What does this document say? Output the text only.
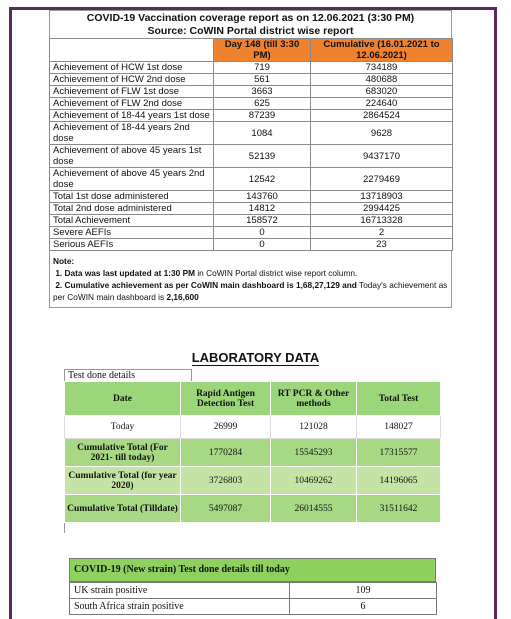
COVID-19 Vaccination coverage report as on 12.06.2021 (3:30 PM)
Source: CoWIN Portal district wise report
	Day 148 (till 3:30 PM)	Cumulative (16.01.2021 to 12.06.2021)
Achievement of HCW 1st dose	719	734189
Achievement of HCW 2nd dose	561	480688
Achievement of FLW 1st dose	3663	683020
Achievement of FLW 2nd dose	625	224640
Achievement of 18-44 years 1st dose	87239	2864524
Achievement of 18-44 years 2nd dose	1084	9628
Achievement of above 45 years 1st dose	52139	9437170
Achievement of above 45 years 2nd dose	12542	2279469
Total 1st dose administered	143760	13718903
Total 2nd dose administered	14812	2994425
Total Achievement	158572	16713328
Severe AEFIs	0	2
Serious AEFIs	0	23
Note:
1. Data was last updated at 1:30 PM in CoWIN Portal district wise report column.
2. Cumulative achievement as per CoWIN main dashboard is 1,68,27,129 and Today's achievement as per CoWIN main dashboard is 2,16,600
LABORATORY DATA
Test done details
Date	Rapid Antigen Detection Test	RT PCR & Other methods	Total Test
Today	26999	121028	148027
Cumulative Total (For 2021- till today)	1770284	15545293	17315577
Cumulative Total (for year 2020)	3726803	10469262	14196065
Cumulative Total (Tilldate)	5497087	26014555	31511642
COVID-19 (New strain) Test done details till today
UK strain positive	109
South Africa strain positive	6
